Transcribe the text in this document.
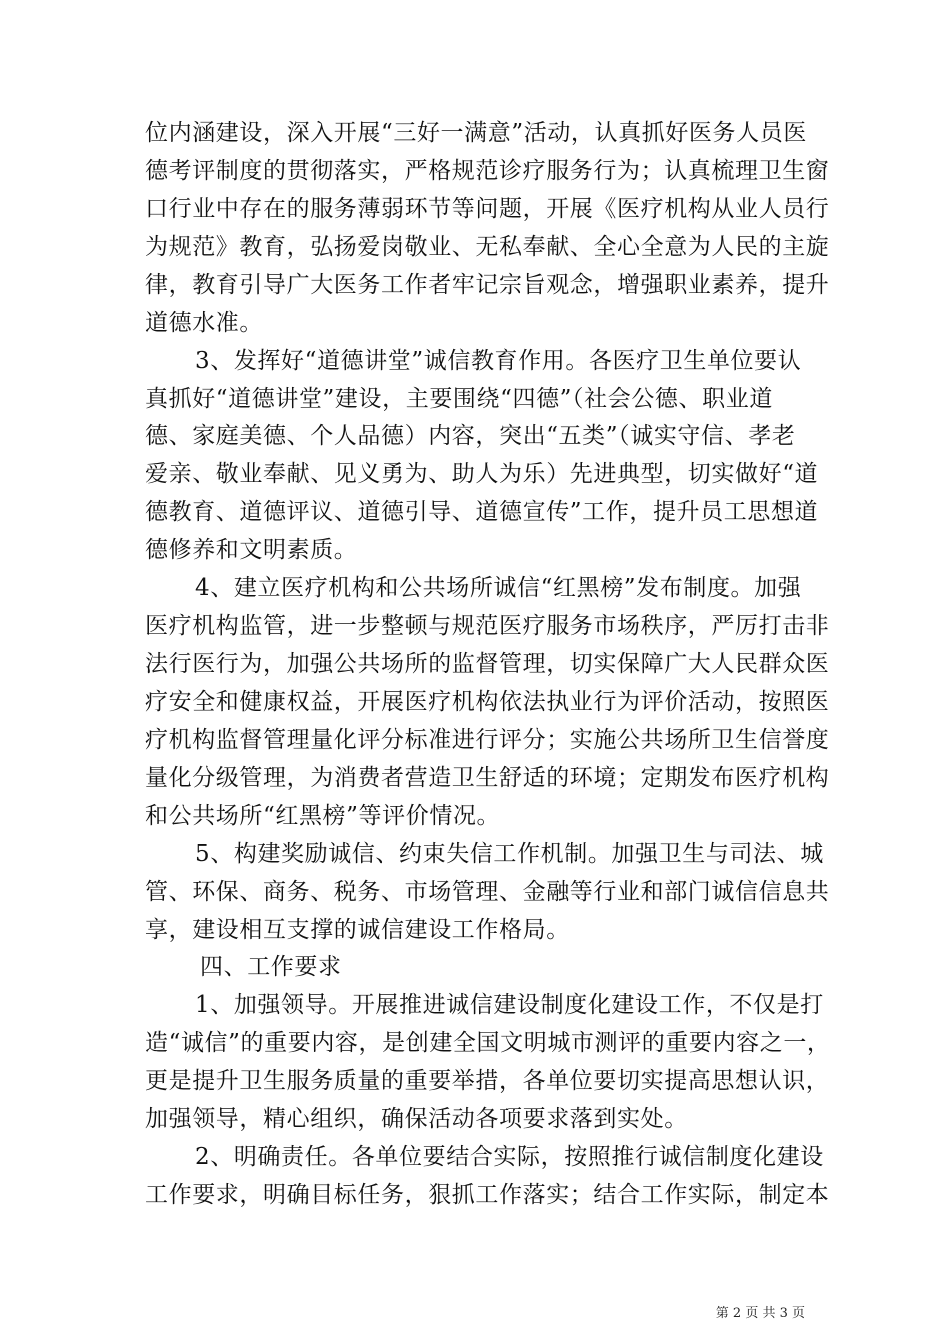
位内涵建设，深入开展“三好一满意”活动，认真抓好医务人员医
德考评制度的贯彻落实，严格规范诊疗服务行为；认真梳理卫生窗
口行业中存在的服务薄弱环节等问题，开展《医疗机构从业人员行
为规范》教育，弘扬爱岗敬业、无私奉献、全心全意为人民的主旋
律，教育引导广大医务工作者牢记宗旨观念，增强职业素养，提升
道德水准。
3、发挥好“道德讲堂”诚信教育作用。各医疗卫生单位要认
真抓好“道德讲堂”建设，主要围绕“四德”（社会公德、职业道
德、家庭美德、个人品德）内容，突出“五类”（诚实守信、孝老
爱亲、敬业奉献、见义勇为、助人为乐）先进典型，切实做好“道
德教育、道德评议、道德引导、道德宣传”工作，提升员工思想道
德修养和文明素质。
4、建立医疗机构和公共场所诚信“红黑榜”发布制度。加强
医疗机构监管，进一步整顿与规范医疗服务市场秩序，严厉打击非
法行医行为，加强公共场所的监督管理，切实保障广大人民群众医
疗安全和健康权益，开展医疗机构依法执业行为评价活动，按照医
疗机构监督管理量化评分标准进行评分；实施公共场所卫生信誉度
量化分级管理，为消费者营造卫生舒适的环境；定期发布医疗机构
和公共场所“红黑榜”等评价情况。
5、构建奖励诚信、约束失信工作机制。加强卫生与司法、城
管、环保、商务、税务、市场管理、金融等行业和部门诚信信息共
享，建设相互支撑的诚信建设工作格局。
四、工作要求
1、加强领导。开展推进诚信建设制度化建设工作，不仅是打
造“诚信”的重要内容，是创建全国文明城市测评的重要内容之一，
更是提升卫生服务质量的重要举措，各单位要切实提高思想认识，
加强领导，精心组织，确保活动各项要求落到实处。
2、明确责任。各单位要结合实际，按照推行诚信制度化建设
工作要求，明确目标任务，狠抓工作落实；结合工作实际，制定本
第 2 页 共 3 页
